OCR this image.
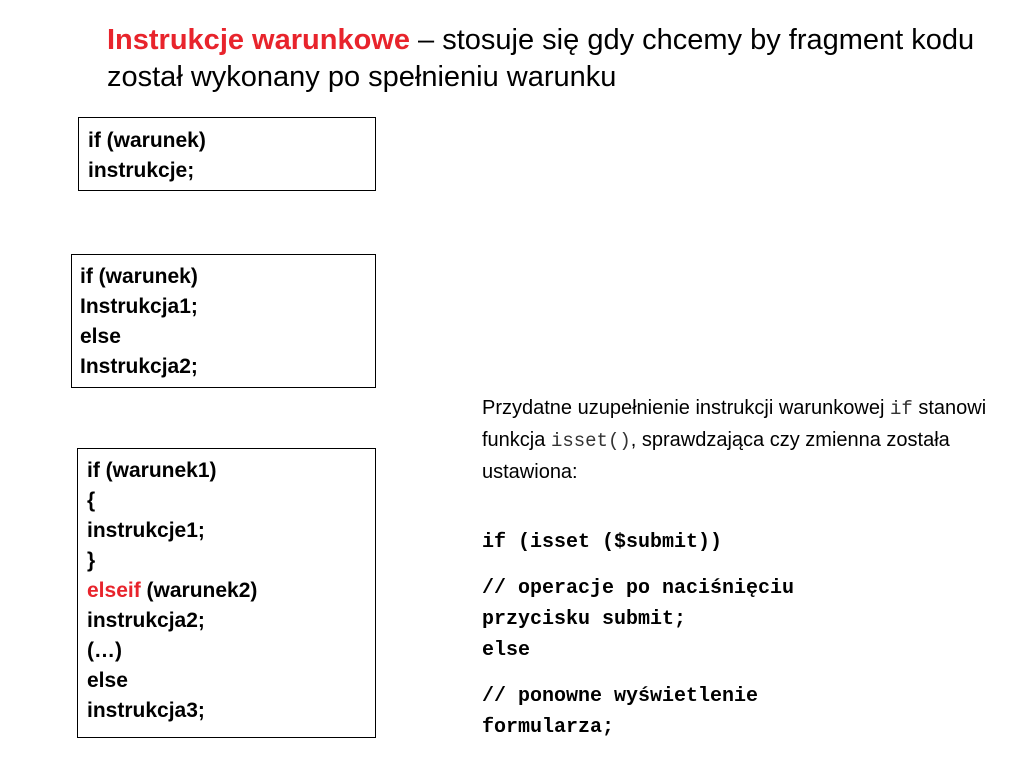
Instrukcje warunkowe – stosuje się gdy chcemy by fragment kodu został wykonany po spełnieniu warunku
if (warunek)
instrukcje;
if (warunek)
Instrukcja1;
else
Instrukcja2;
if (warunek1)
{
instrukcje1;
}
elseif (warunek2)
instrukcja2;
(…)
else
instrukcja3;
Przydatne uzupełnienie instrukcji warunkowej if stanowi funkcja isset(), sprawdzająca czy zmienna została ustawiona:
if (isset ($submit))
// operacje po naciśnięciu
przycisku submit;
else
// ponowne wyświetlenie
formularza;
